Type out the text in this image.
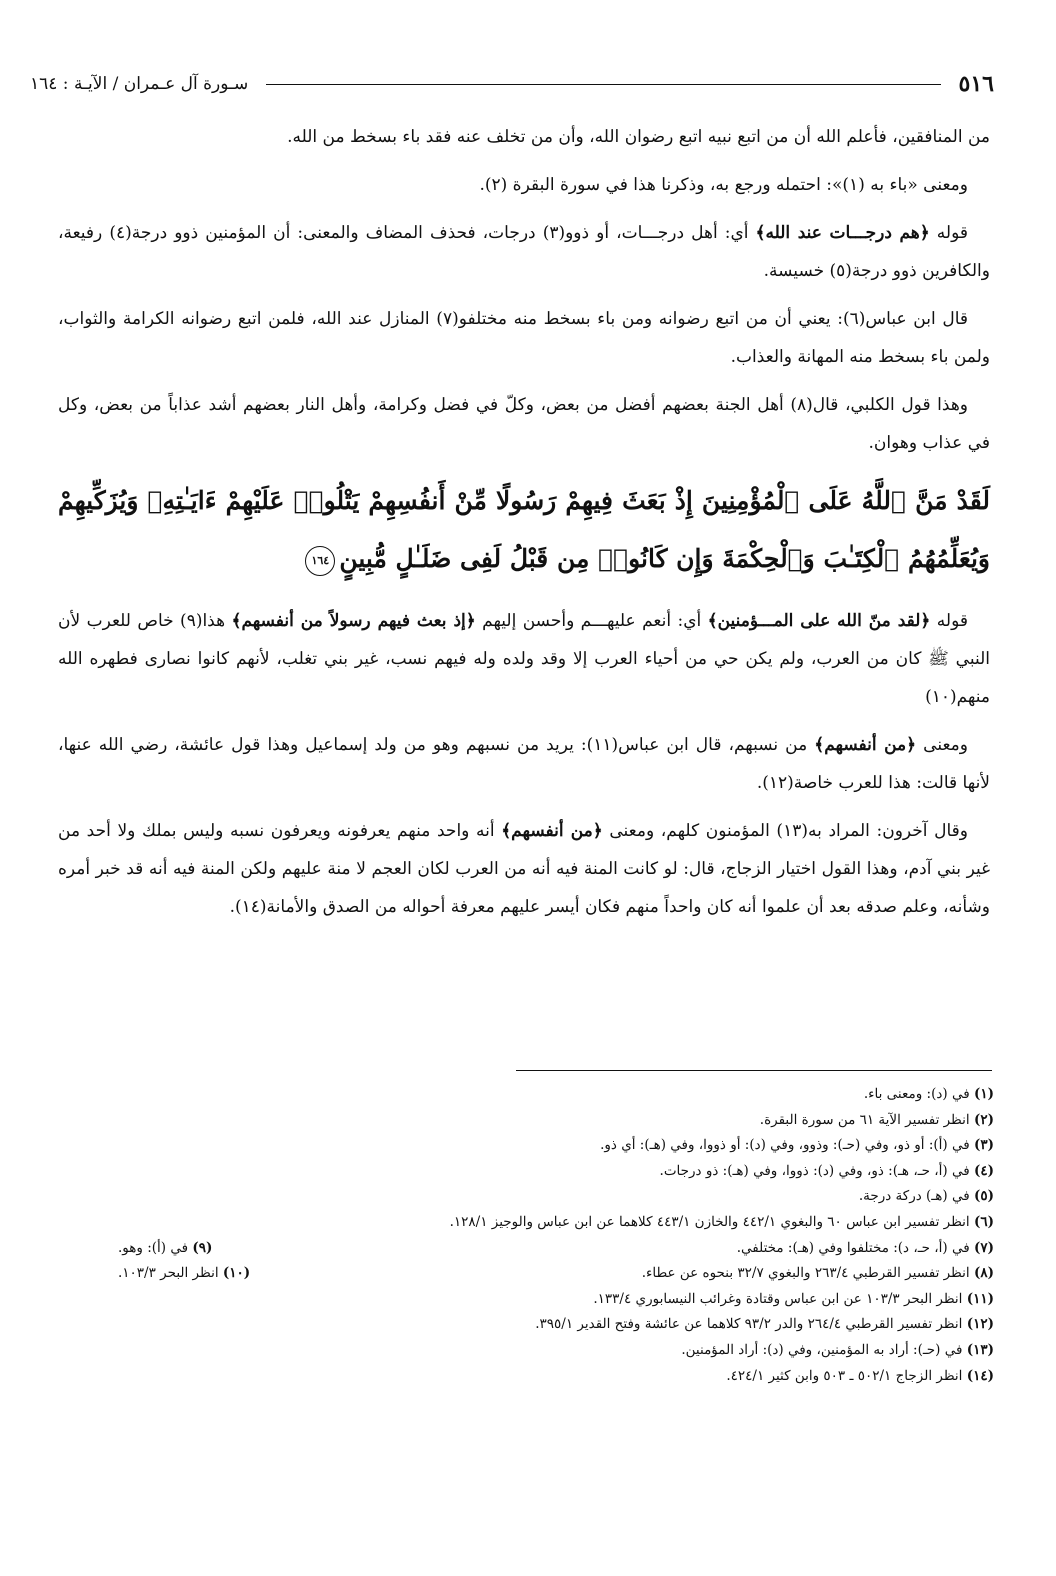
٥١٦
سـورة آل عـمران / الآيـة : ١٦٤

من المنافقين، فأعلم الله أن من اتبع نبيه اتبع رضوان الله، وأن من تخلف عنه فقد باء بسخط من الله.

ومعنى «باء به (١)»: احتمله ورجع به، وذكرنا هذا في سورة البقرة (٢).

قوله ﴿هم درجـــات عند الله﴾ أي: أهل درجـــات، أو ذوو(٣) درجات، فحذف المضاف والمعنى: أن المؤمنين ذوو درجة(٤) رفيعة، والكافرين ذوو درجة(٥) خسيسة.

قال ابن عباس(٦): يعني أن من اتبع رضوانه ومن باء بسخط منه مختلفو(٧) المنازل عند الله، فلمن اتبع رضوانه الكرامة والثواب، ولمن باء بسخط منه المهانة والعذاب.

وهذا قول الكلبي، قال(٨) أهل الجنة بعضهم أفضل من بعض، وكلّ في فضل وكرامة، وأهل النار بعضهم أشد عذاباً من بعض، وكل في عذاب وهوان.

لَقَدْ مَنَّ ٱللَّهُ عَلَى ٱلْمُؤْمِنِينَ إِذْ بَعَثَ فِيهِمْ رَسُولًا مِّنْ أَنفُسِهِمْ يَتْلُوا۟ عَلَيْهِمْ ءَايَـٰتِهِۦ وَيُزَكِّيهِمْ وَيُعَلِّمُهُمُ ٱلْكِتَـٰبَ وَٱلْحِكْمَةَ وَإِن كَانُوا۟ مِن قَبْلُ لَفِى ضَلَـٰلٍ مُّبِينٍ١٦٤

قوله ﴿لقد منّ الله على المـــؤمنين﴾ أي: أنعم عليهـــم وأحسن إليهم ﴿إذ بعث فيهم رسولاً من أنفسهم﴾ هذا(٩) خاص للعرب لأن النبي ﷺ كان من العرب، ولم يكن حي من أحياء العرب إلا وقد ولده وله فيهم نسب، غير بني تغلب، لأنهم كانوا نصارى فطهره الله منهم(١٠)

ومعنى ﴿من أنفسهم﴾ من نسبهم، قال ابن عباس(١١): يريد من نسبهم وهو من ولد إسماعيل وهذا قول عائشة، رضي الله عنها، لأنها قالت: هذا للعرب خاصة(١٢).

وقال آخرون: المراد به(١٣) المؤمنون كلهم، ومعنى ﴿من أنفسهم﴾ أنه واحد منهم يعرفونه ويعرفون نسبه وليس بملك ولا أحد من غير بني آدم، وهذا القول اختيار الزجاج، قال: لو كانت المنة فيه أنه من العرب لكان العجم لا منة عليهم ولكن المنة فيه أنه قد خبر أمره وشأنه، وعلم صدقه بعد أن علموا أنه كان واحداً منهم فكان أيسر عليهم معرفة أحواله من الصدق والأمانة(١٤).

(١) في (د): ومعنى باء.
(٢) انظر تفسير الآية ٦١ من سورة البقرة.
(٣) في (أ): أو ذو، وفي (حـ): وذوو، وفي (د): أو ذووا، وفي (هـ): أي ذو.
(٤) في (أ، حـ، هـ): ذو، وفي (د): ذووا، وفي (هـ): ذو درجات.
(٥) في (هـ) دركة درجة.
(٦) انظر تفسير ابن عباس ٦٠ والبغوي ٤٤٢/١ والخازن ٤٤٣/١ كلاهما عن ابن عباس والوجيز ١٢٨/١.
(٧) في (أ، حـ، د): مختلفوا وفي (هـ): مختلفي.
(٩) في (أ): وهو.
(٨) انظر تفسير القرطبي ٢٦٣/٤ والبغوي ٣٢/٧ بنحوه عن عطاء.
(١٠) انظر البحر ١٠٣/٣.
(١١) انظر البحر ١٠٣/٣ عن ابن عباس وقتادة وغرائب النيسابوري ١٣٣/٤.
(١٢) انظر تفسير القرطبي ٢٦٤/٤ والدر ٩٣/٢ كلاهما عن عائشة وفتح القدير ٣٩٥/١.
(١٣) في (حـ): أراد به المؤمنين، وفي (د): أراد المؤمنين.
(١٤) انظر الزجاج ٥٠٢/١ ـ ٥٠٣ وابن كثير ٤٢٤/١.
